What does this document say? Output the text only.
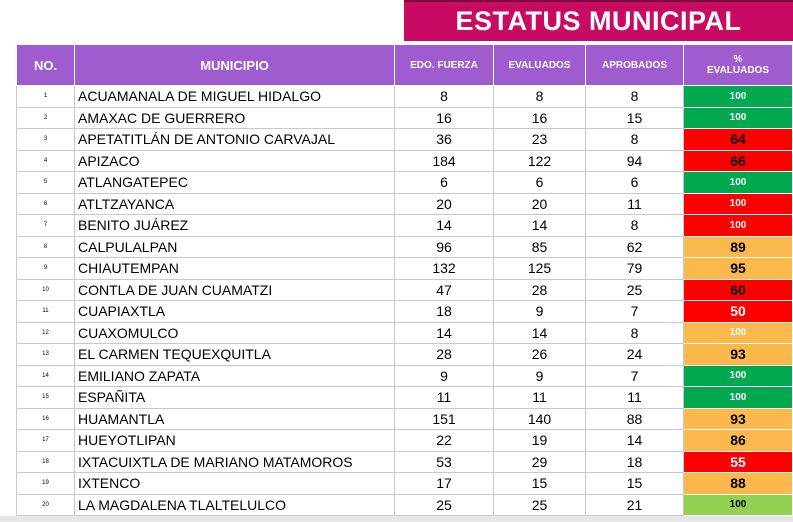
ESTATUS MUNICIPAL
NO.	MUNICIPIO	EDO. FUERZA	EVALUADOS	APROBADOS	%
EVALUADOS

1	ACUAMANALA DE MIGUEL HIDALGO	8	8	8	100
2	AMAXAC DE GUERRERO	16	16	15	100
3	APETATITLÁN DE ANTONIO CARVAJAL	36	23	8	64
4	APIZACO	184	122	94	66
5	ATLANGATEPEC	6	6	6	100
6	ATLTZAYANCA	20	20	11	100
7	BENITO JUÁREZ	14	14	8	100
8	CALPULALPAN	96	85	62	89
9	CHIAUTEMPAN	132	125	79	95
10	CONTLA DE JUAN CUAMATZI	47	28	25	60
11	CUAPIAXTLA	18	9	7	50
12	CUAXOMULCO	14	14	8	100
13	EL CARMEN TEQUEXQUITLA	28	26	24	93
14	EMILIANO ZAPATA	9	9	7	100
15	ESPAÑITA	11	11	11	100
16	HUAMANTLA	151	140	88	93
17	HUEYOTLIPAN	22	19	14	86
18	IXTACUIXTLA DE MARIANO MATAMOROS	53	29	18	55
19	IXTENCO	17	15	15	88
20	LA MAGDALENA TLALTELULCO	25	25	21	100
